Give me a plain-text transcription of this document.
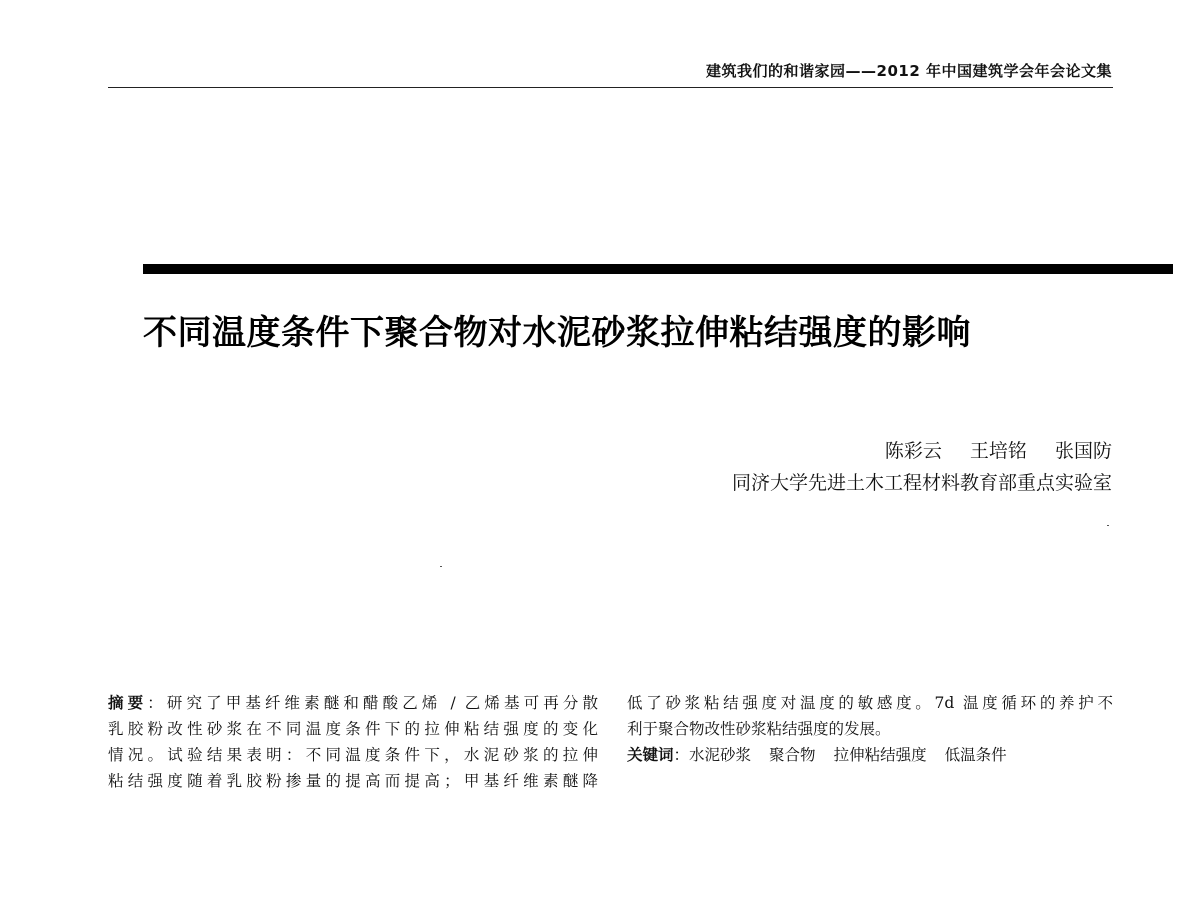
建筑我们的和谐家园——2012 年中国建筑学会年会论文集
不同温度条件下聚合物对水泥砂浆拉伸粘结强度的影响
陈彩云 王培铭 张国防
同济大学先进土木工程材料教育部重点实验室
摘要：研究了甲基纤维素醚和醋酸乙烯 / 乙烯基可再分散
乳胶粉改性砂浆在不同温度条件下的拉伸粘结强度的变化
情况。试验结果表明：不同温度条件下，水泥砂浆的拉伸
粘结强度随着乳胶粉掺量的提高而提高；甲基纤维素醚降
低了砂浆粘结强度对温度的敏感度。7d 温度循环的养护不
利于聚合物改性砂浆粘结强度的发展。
关键词：水泥砂浆 聚合物 拉伸粘结强度 低温条件
